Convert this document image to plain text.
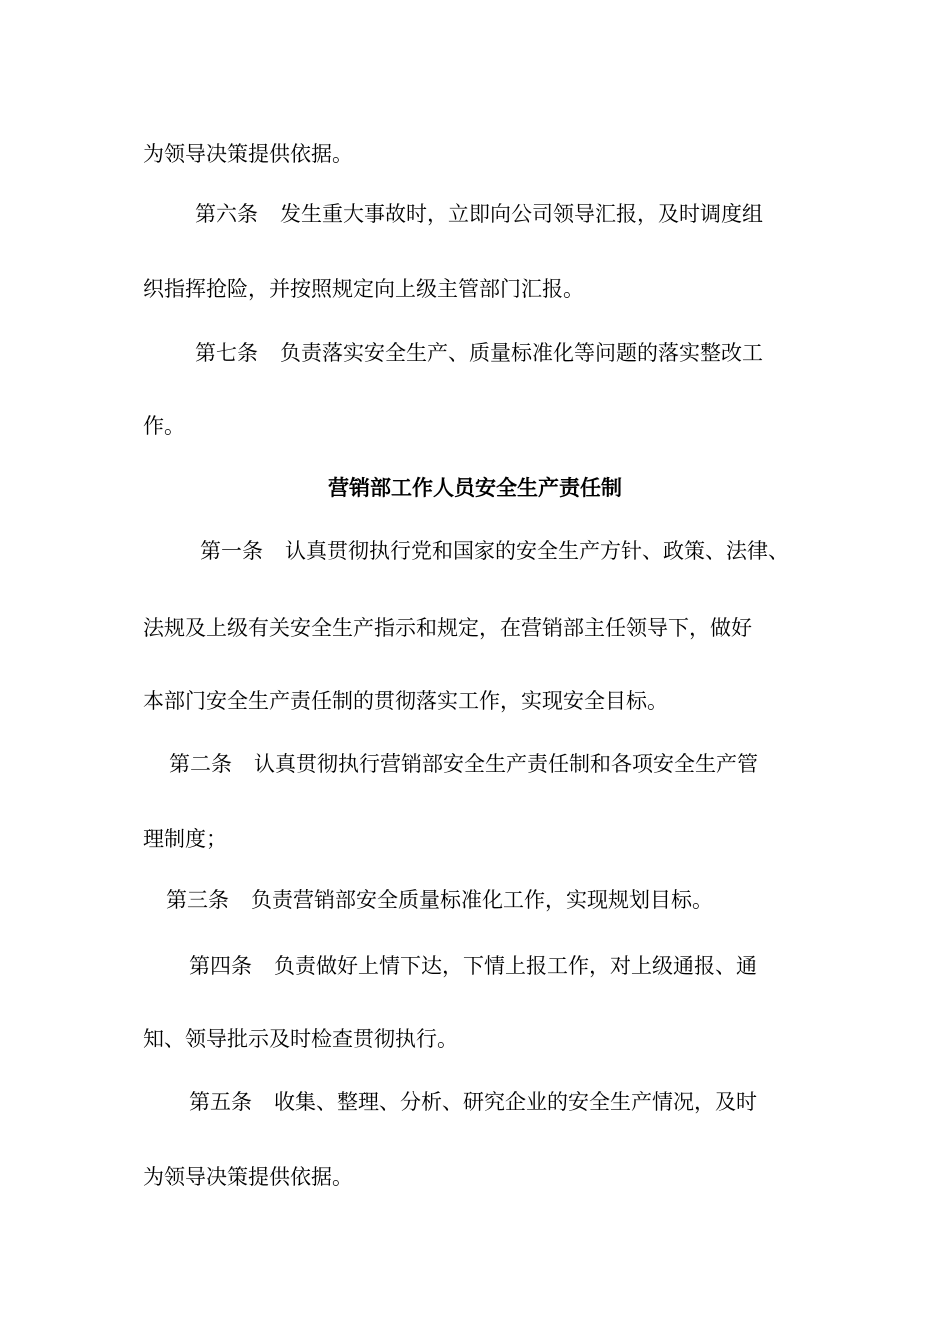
为领导决策提供依据。
第六条 发生重大事故时，立即向公司领导汇报，及时调度组
织指挥抢险，并按照规定向上级主管部门汇报。
第七条 负责落实安全生产、质量标准化等问题的落实整改工
作。
营销部工作人员安全生产责任制
第一条 认真贯彻执行党和国家的安全生产方针、政策、法律、
法规及上级有关安全生产指示和规定，在营销部主任领导下，做好
本部门安全生产责任制的贯彻落实工作，实现安全目标。
第二条 认真贯彻执行营销部安全生产责任制和各项安全生产管
理制度；
第三条 负责营销部安全质量标准化工作，实现规划目标。
第四条 负责做好上情下达，下情上报工作，对上级通报、通
知、领导批示及时检查贯彻执行。
第五条 收集、整理、分析、研究企业的安全生产情况，及时
为领导决策提供依据。
